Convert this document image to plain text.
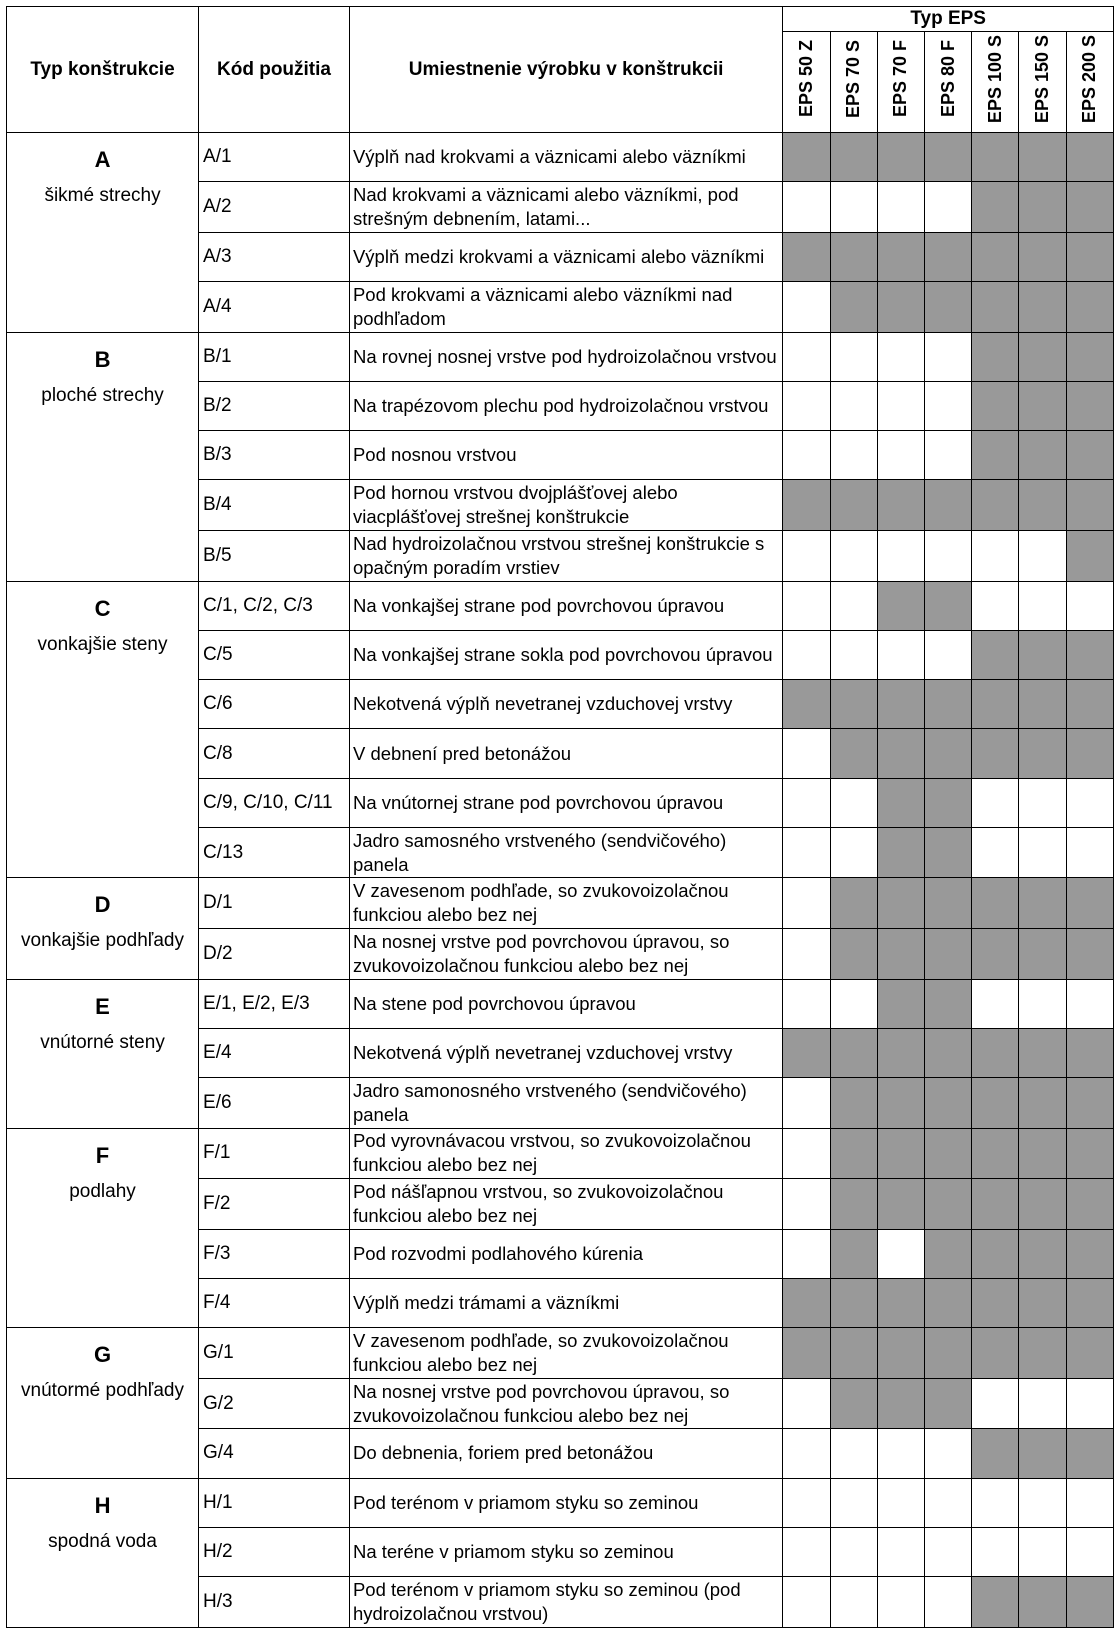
Typ konštrukcie	Kód použitia	Umiestnenie výrobku v konštrukcii	Typ EPS						
			EPS 50 Z	EPS 70 S	EPS 70 F	EPS 80 F	EPS 100 S	EPS 150 S	EPS 200 S

A
šikmé strechy	A/1	Výplň nad krokvami a väznicami alebo väzníkmi							
	A/2	Nad krokvami a väznicami alebo väzníkmi, pod strešným debnením, latami...							
	A/3	Výplň medzi krokvami a väznicami alebo väzníkmi							
	A/4	Pod krokvami a väznicami alebo väzníkmi nad podhľadom							

B
ploché strechy	B/1	Na rovnej nosnej vrstve pod hydroizolačnou vrstvou							
	B/2	Na trapézovom plechu pod hydroizolačnou vrstvou							
	B/3	Pod nosnou vrstvou							
	B/4	Pod hornou vrstvou dvojplášťovej alebo viacplášťovej strešnej konštrukcie							
	B/5	Nad hydroizolačnou vrstvou strešnej konštrukcie s opačným poradím vrstiev							

C
vonkajšie steny	C/1, C/2, C/3	Na vonkajšej strane pod povrchovou úpravou							
	C/5	Na vonkajšej strane sokla pod povrchovou úpravou							
	C/6	Nekotvená výplň nevetranej vzduchovej vrstvy							
	C/8	V debnení pred betonážou							
	C/9, C/10, C/11	Na vnútornej strane pod povrchovou úpravou							
	C/13	Jadro samosného vrstveného (sendvičového) panela							

D
vonkajšie podhľady	D/1	V zavesenom podhľade, so zvukovoizolačnou funkciou alebo bez nej							
	D/2	Na nosnej vrstve pod povrchovou úpravou, so zvukovoizolačnou funkciou alebo bez nej							

E
vnútorné steny	E/1, E/2, E/3	Na stene pod povrchovou úpravou							
	E/4	Nekotvená výplň nevetranej vzduchovej vrstvy							
	E/6	Jadro samonosného vrstveného (sendvičového) panela							

F
podlahy	F/1	Pod vyrovnávacou vrstvou, so zvukovoizolačnou funkciou alebo bez nej							
	F/2	Pod nášľapnou vrstvou, so zvukovoizolačnou funkciou alebo bez nej							
	F/3	Pod rozvodmi podlahového kúrenia							
	F/4	Výplň medzi trámami a väzníkmi							

G
vnútormé podhľady	G/1	V zavesenom podhľade, so zvukovoizolačnou funkciou alebo bez nej							
	G/2	Na nosnej vrstve pod povrchovou úpravou, so zvukovoizolačnou funkciou alebo bez nej							
	G/4	Do debnenia, foriem pred betonážou							

H
spodná voda	H/1	Pod terénom v priamom styku so zeminou							
	H/2	Na teréne v priamom styku so zeminou							
	H/3	Pod terénom v priamom styku so zeminou (pod hydroizolačnou vrstvou)							
